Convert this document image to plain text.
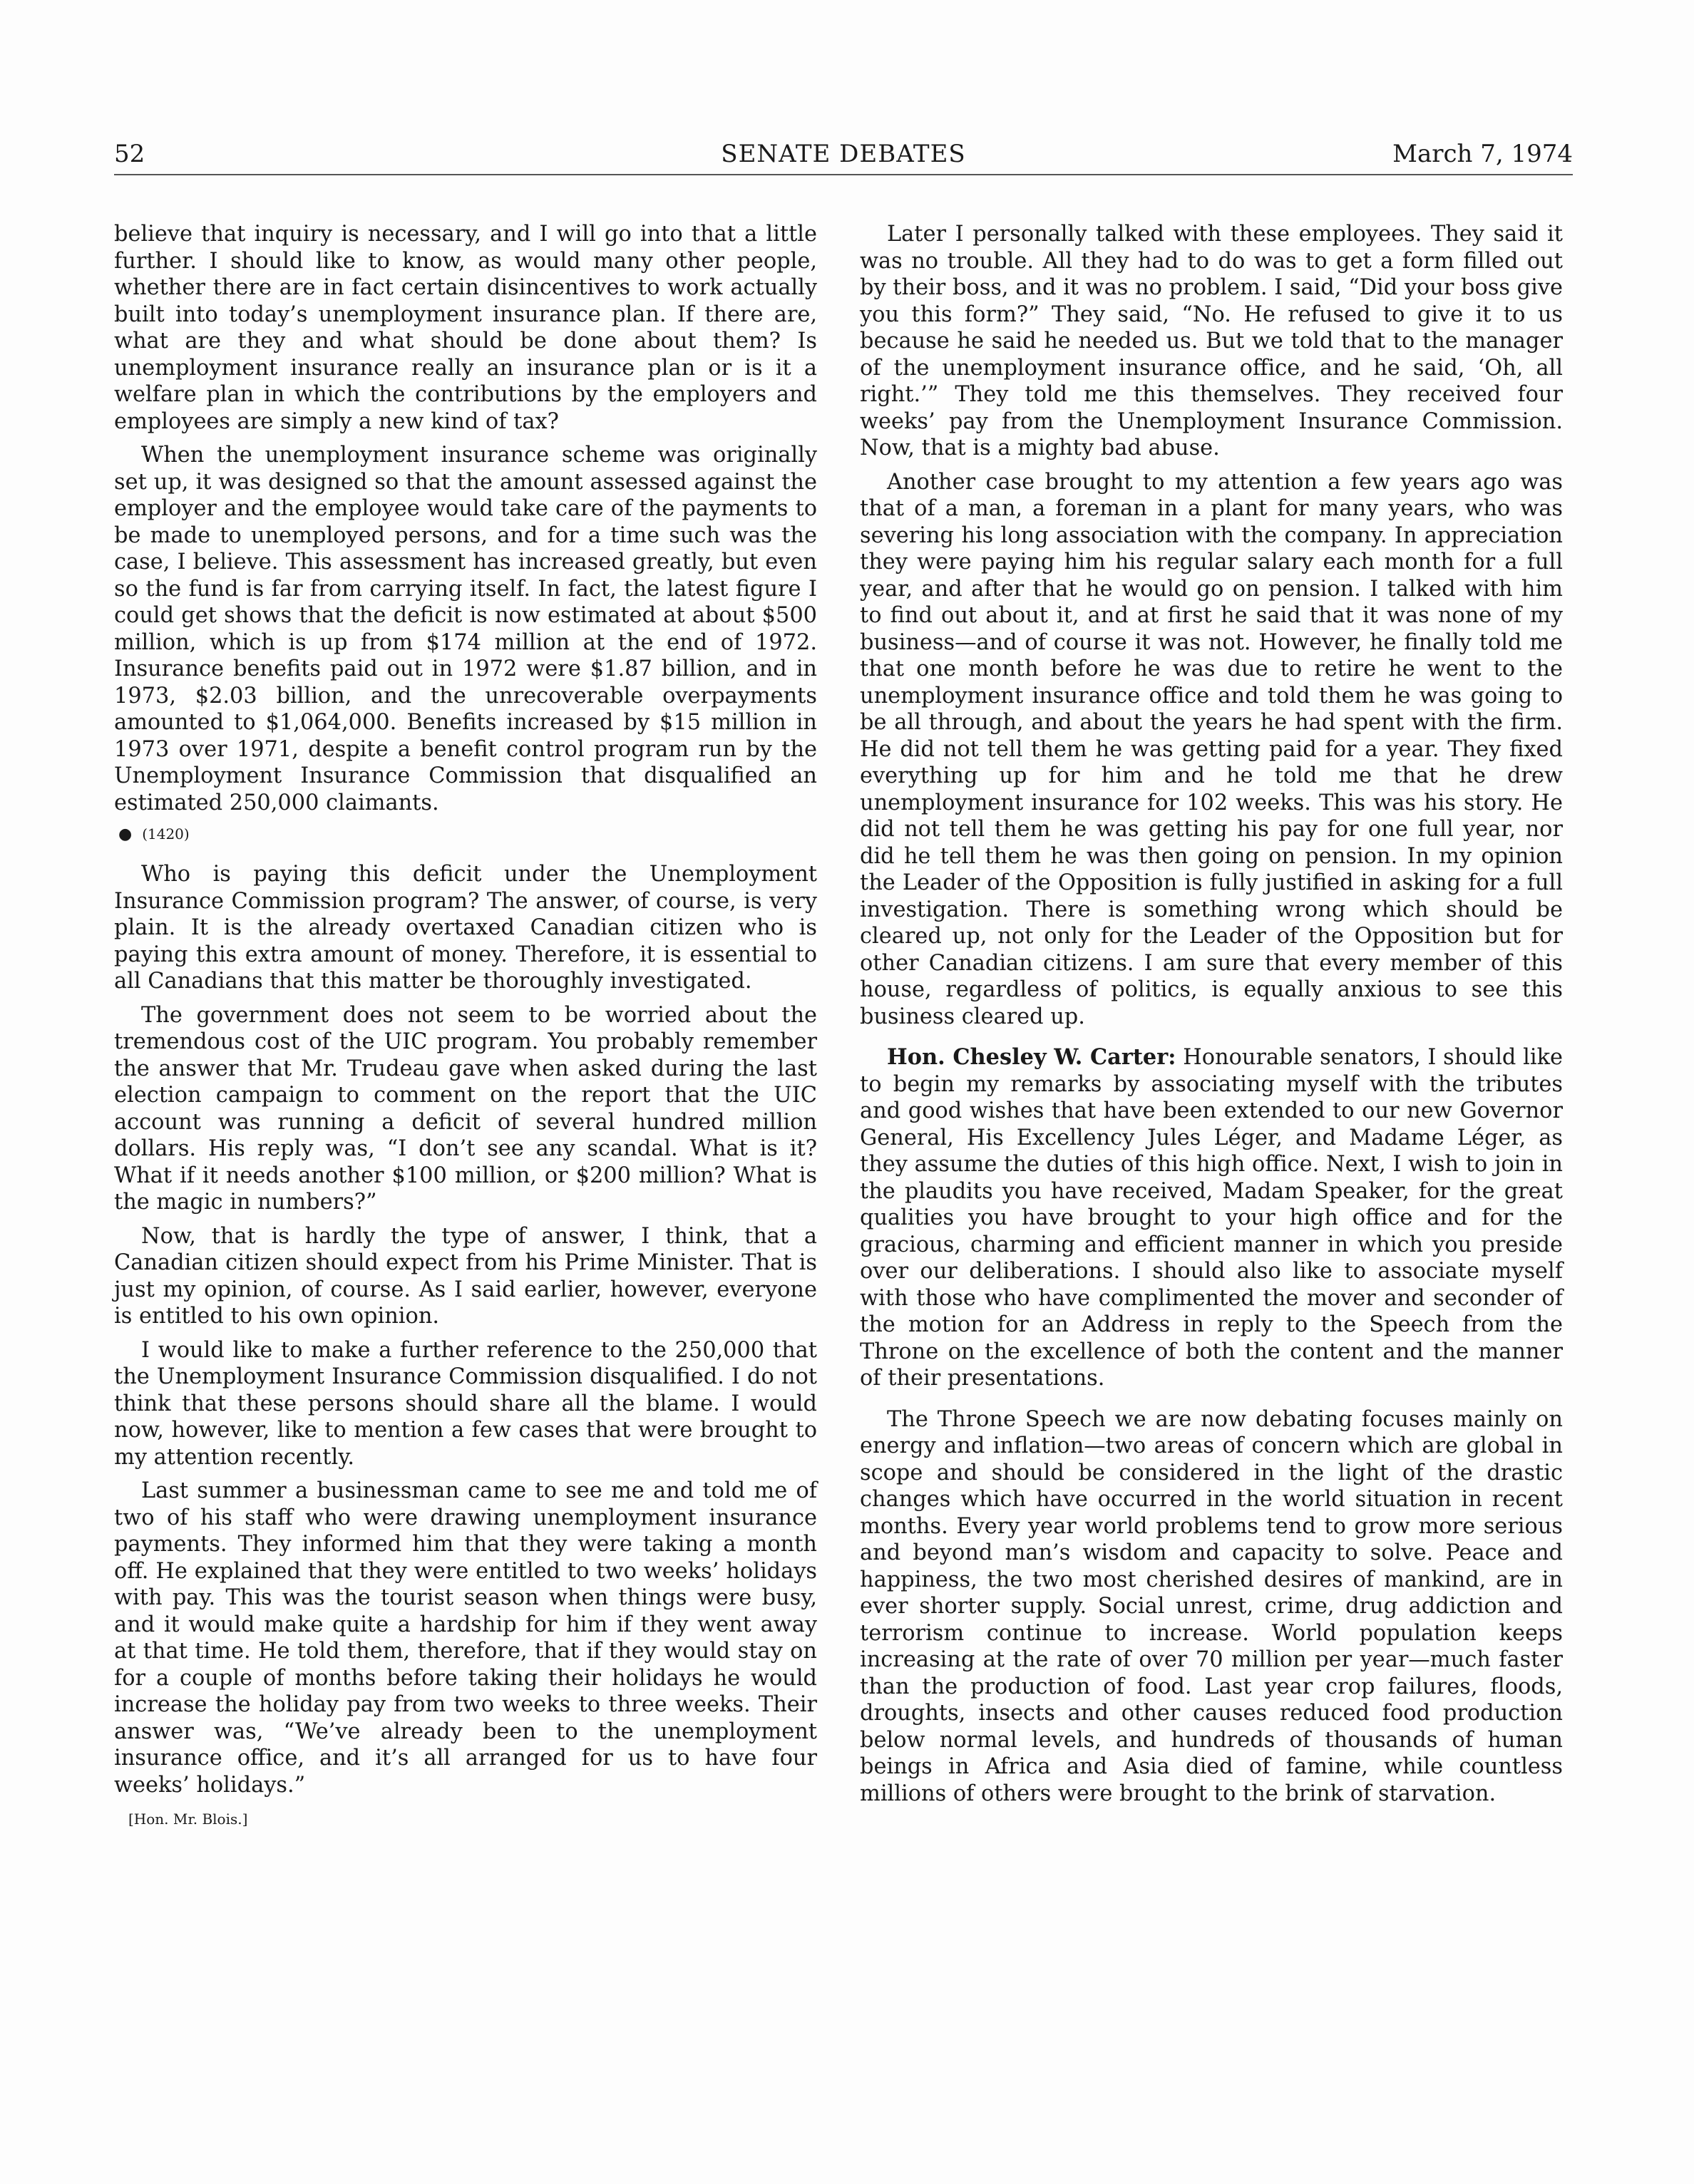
52	SENATE DEBATES	March 7, 1974

believe that inquiry is necessary, and I will go into that a little further. I should like to know, as would many other people, whether there are in fact certain disincentives to work actually built into today’s unemployment insurance plan. If there are, what are they and what should be done about them? Is unemployment insurance really an insurance plan or is it a welfare plan in which the contributions by the employers and employees are simply a new kind of tax?

When the unemployment insurance scheme was originally set up, it was designed so that the amount assessed against the employer and the employee would take care of the payments to be made to unemployed persons, and for a time such was the case, I believe. This assessment has increased greatly, but even so the fund is far from carrying itself. In fact, the latest figure I could get shows that the deficit is now estimated at about $500 million, which is up from $174 million at the end of 1972. Insurance benefits paid out in 1972 were $1.87 billion, and in 1973, $2.03 billion, and the unrecoverable overpayments amounted to $1,064,000. Benefits increased by $15 million in 1973 over 1971, despite a benefit control program run by the Unemployment Insurance Commission that disqualified an estimated 250,000 claimants.

● (1420)

Who is paying this deficit under the Unemployment Insurance Commission program? The answer, of course, is very plain. It is the already overtaxed Canadian citizen who is paying this extra amount of money. Therefore, it is essential to all Canadians that this matter be thoroughly investigated.

The government does not seem to be worried about the tremendous cost of the UIC program. You probably remember the answer that Mr. Trudeau gave when asked during the last election campaign to comment on the report that the UIC account was running a deficit of several hundred million dollars. His reply was, “I don’t see any scandal. What is it? What if it needs another $100 million, or $200 million? What is the magic in numbers?”

Now, that is hardly the type of answer, I think, that a Canadian citizen should expect from his Prime Minister. That is just my opinion, of course. As I said earlier, however, everyone is entitled to his own opinion.

I would like to make a further reference to the 250,000 that the Unemployment Insurance Commission disqualified. I do not think that these persons should share all the blame. I would now, however, like to mention a few cases that were brought to my attention recently.

Last summer a businessman came to see me and told me of two of his staff who were drawing unemployment insurance payments. They informed him that they were taking a month off. He explained that they were entitled to two weeks’ holidays with pay. This was the tourist season when things were busy, and it would make quite a hardship for him if they went away at that time. He told them, therefore, that if they would stay on for a couple of months before taking their holidays he would increase the holiday pay from two weeks to three weeks. Their answer was, “We’ve already been to the unemployment insurance office, and it’s all arranged for us to have four weeks’ holidays.”

[Hon. Mr. Blois.]

Later I personally talked with these employees. They said it was no trouble. All they had to do was to get a form filled out by their boss, and it was no problem. I said, “Did your boss give you this form?” They said, “No. He refused to give it to us because he said he needed us. But we told that to the manager of the unemployment insurance office, and he said, ‘Oh, all right.’” They told me this themselves. They received four weeks’ pay from the Unemployment Insurance Commission. Now, that is a mighty bad abuse.

Another case brought to my attention a few years ago was that of a man, a foreman in a plant for many years, who was severing his long association with the company. In appreciation they were paying him his regular salary each month for a full year, and after that he would go on pension. I talked with him to find out about it, and at first he said that it was none of my business—and of course it was not. However, he finally told me that one month before he was due to retire he went to the unemployment insurance office and told them he was going to be all through, and about the years he had spent with the firm. He did not tell them he was getting paid for a year. They fixed everything up for him and he told me that he drew unemployment insurance for 102 weeks. This was his story. He did not tell them he was getting his pay for one full year, nor did he tell them he was then going on pension. In my opinion the Leader of the Opposition is fully justified in asking for a full investigation. There is something wrong which should be cleared up, not only for the Leader of the Opposition but for other Canadian citizens. I am sure that every member of this house, regardless of politics, is equally anxious to see this business cleared up.

Hon. Chesley W. Carter: Honourable senators, I should like to begin my remarks by associating myself with the tributes and good wishes that have been extended to our new Governor General, His Excellency Jules Léger, and Madame Léger, as they assume the duties of this high office. Next, I wish to join in the plaudits you have received, Madam Speaker, for the great qualities you have brought to your high office and for the gracious, charming and efficient manner in which you preside over our deliberations. I should also like to associate myself with those who have complimented the mover and seconder of the motion for an Address in reply to the Speech from the Throne on the excellence of both the content and the manner of their presentations.

The Throne Speech we are now debating focuses mainly on energy and inflation—two areas of concern which are global in scope and should be considered in the light of the drastic changes which have occurred in the world situation in recent months. Every year world problems tend to grow more serious and beyond man’s wisdom and capacity to solve. Peace and happiness, the two most cherished desires of mankind, are in ever shorter supply. Social unrest, crime, drug addiction and terrorism continue to increase. World population keeps increasing at the rate of over 70 million per year—much faster than the production of food. Last year crop failures, floods, droughts, insects and other causes reduced food production below normal levels, and hundreds of thousands of human beings in Africa and Asia died of famine, while countless millions of others were brought to the brink of starvation.
